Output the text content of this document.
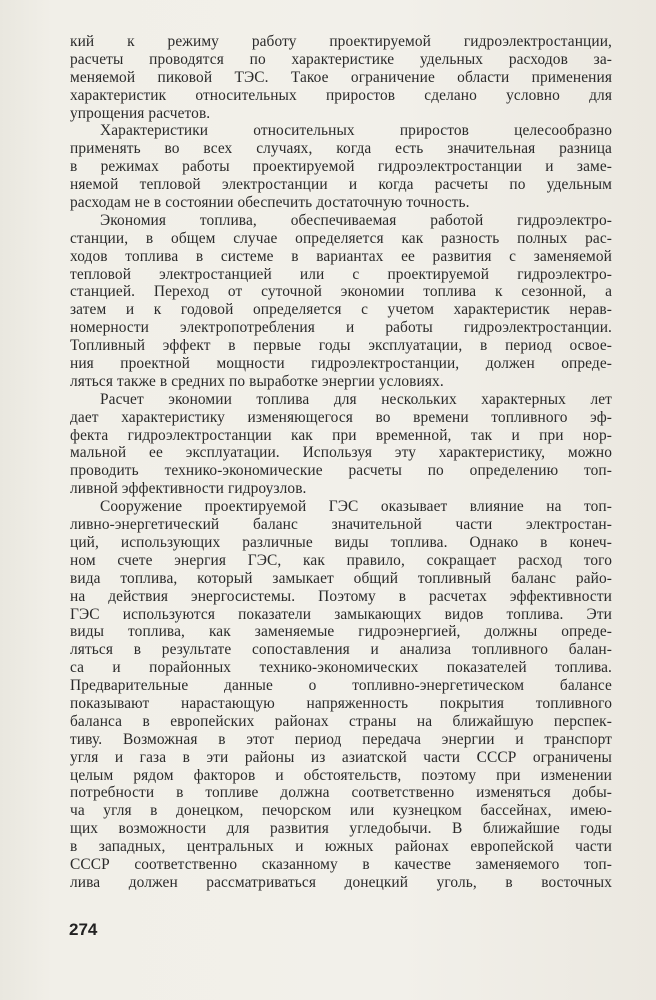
кий к режиму работу проектируемой гидроэлектростанции,
расчеты проводятся по характеристике удельных расходов за-
меняемой пиковой ТЭС. Такое ограничение области применения
характеристик относительных приростов сделано условно для
упрощения расчетов.
Характеристики относительных приростов целесообразно
применять во всех случаях, когда есть значительная разница
в режимах работы проектируемой гидроэлектростанции и заме-
няемой тепловой электростанции и когда расчеты по удельным
расходам не в состоянии обеспечить достаточную точность.
Экономия топлива, обеспечиваемая работой гидроэлектро-
станции, в общем случае определяется как разность полных рас-
ходов топлива в системе в вариантах ее развития с заменяемой
тепловой электростанцией или с проектируемой гидроэлектро-
станцией. Переход от суточной экономии топлива к сезонной, а
затем и к годовой определяется с учетом характеристик нерав-
номерности электропотребления и работы гидроэлектростанции.
Топливный эффект в первые годы эксплуатации, в период освое-
ния проектной мощности гидроэлектростанции, должен опреде-
ляться также в средних по выработке энергии условиях.
Расчет экономии топлива для нескольких характерных лет
дает характеристику изменяющегося во времени топливного эф-
фекта гидроэлектростанции как при временной, так и при нор-
мальной ее эксплуатации. Используя эту характеристику, можно
проводить технико-экономические расчеты по определению топ-
ливной эффективности гидроузлов.
Сооружение проектируемой ГЭС оказывает влияние на топ-
ливно-энергетический баланс значительной части электростан-
ций, использующих различные виды топлива. Однако в конеч-
ном счете энергия ГЭС, как правило, сокращает расход того
вида топлива, который замыкает общий топливный баланс райо-
на действия энергосистемы. Поэтому в расчетах эффективности
ГЭС используются показатели замыкающих видов топлива. Эти
виды топлива, как заменяемые гидроэнергией, должны опреде-
ляться в результате сопоставления и анализа топливного балан-
са и порайонных технико-экономических показателей топлива.
Предварительные данные о топливно-энергетическом балансе
показывают нарастающую напряженность покрытия топливного
баланса в европейских районах страны на ближайшую перспек-
тиву. Возможная в этот период передача энергии и транспорт
угля и газа в эти районы из азиатской части СССР ограничены
целым рядом факторов и обстоятельств, поэтому при изменении
потребности в топливе должна соответственно изменяться добы-
ча угля в донецком, печорском или кузнецком бассейнах, имею-
щих возможности для развития угледобычи. В ближайшие годы
в западных, центральных и южных районах европейской части
СССР соответственно сказанному в качестве заменяемого топ-
лива должен рассматриваться донецкий уголь, в восточных
274
